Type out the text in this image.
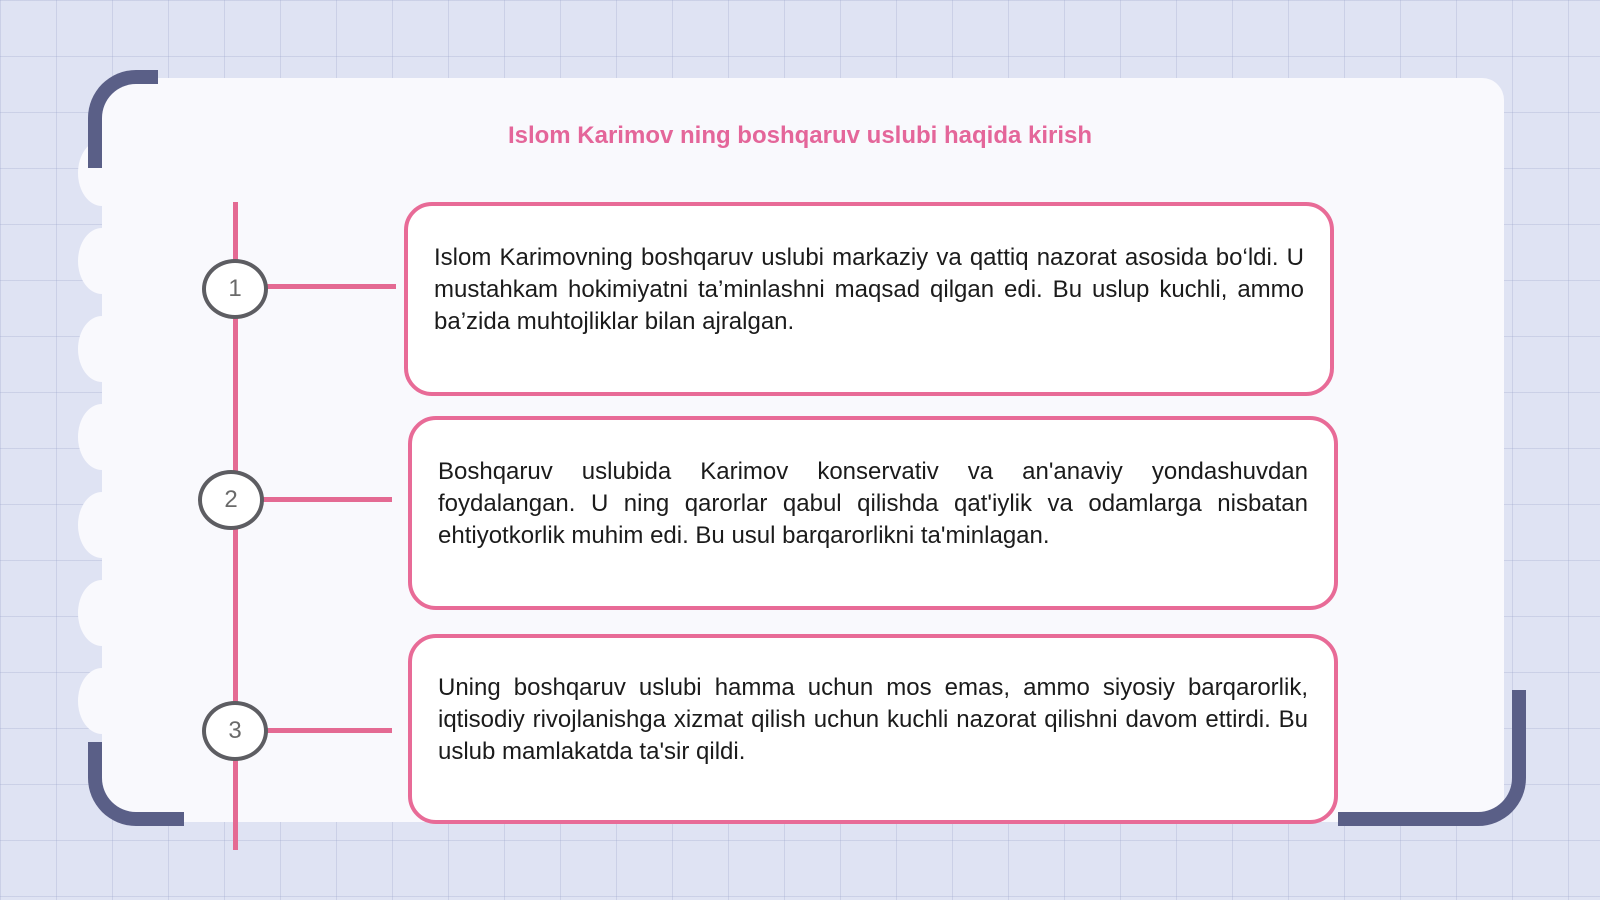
Islom Karimov ning boshqaruv uslubi haqida kirish
1
2
3
Islom Karimovning boshqaruv uslubi markaziy va qattiq nazorat asosida bo‘ldi. U mustahkam hokimiyatni ta’minlashni maqsad qilgan edi. Bu uslup kuchli, ammo ba’zida muhtojliklar bilan ajralgan.
Boshqaruv uslubida Karimov konservativ va an'anaviy yondashuvdan foydalangan. U ning qarorlar qabul qilishda qat'iylik va odamlarga nisbatan ehtiyotkorlik muhim edi. Bu usul barqarorlikni ta'minlagan.
Uning boshqaruv uslubi hamma uchun mos emas, ammo siyosiy barqarorlik, iqtisodiy rivojlanishga xizmat qilish uchun kuchli nazorat qilishni davom ettirdi. Bu uslub mamlakatda ta'sir qildi.
